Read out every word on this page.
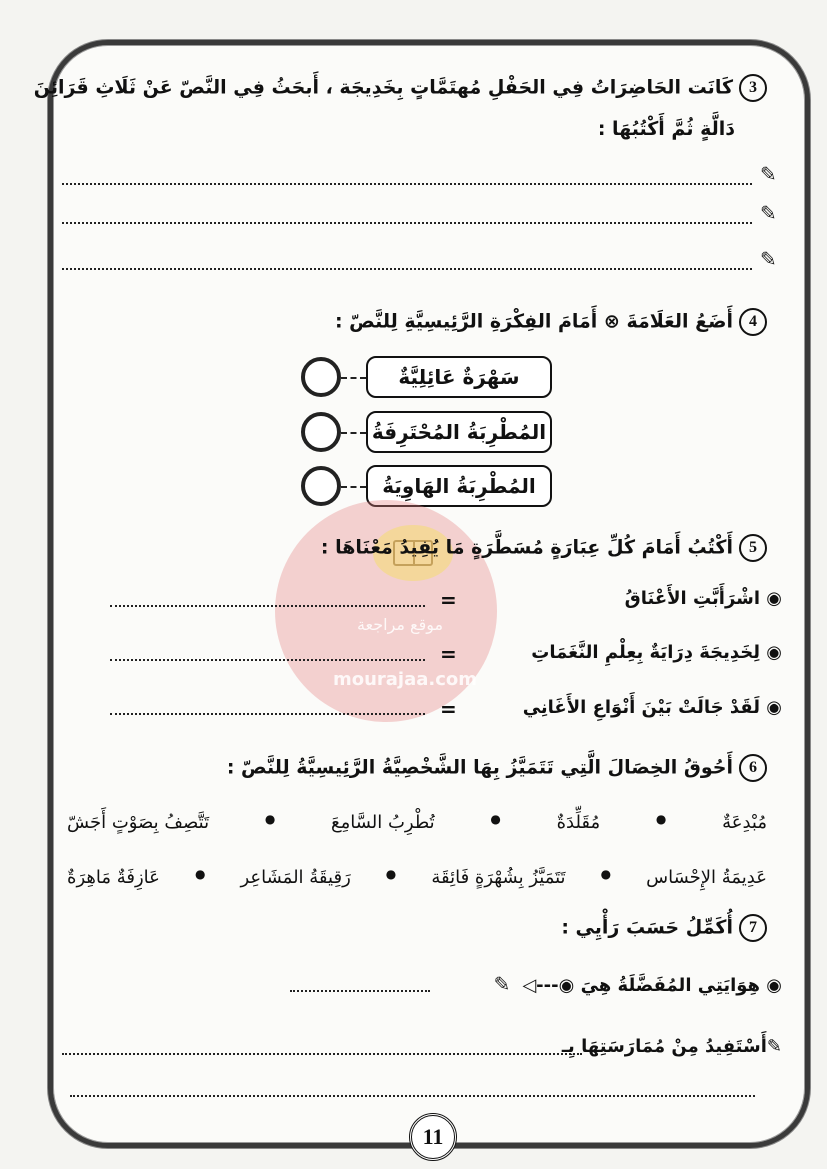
3كَانَت الحَاضِرَاتُ فِي الحَفْلِ مُهتَمَّاتٍ بِخَدِيجَة ، أَبحَثُ فِي النَّصّ عَنْ ثَلَاثِ قَرَائِنَ
دَالَّةٍ ثُمَّ أَكْتُبُهَا :
✎
✎
✎
4أَضَعُ العَلَامَةَ ⊗ أَمَامَ الفِكْرَةِ الرَّئِيسِيَّةِ لِلنَّصّ :
سَهْرَةٌ عَائِلِيَّةٌ
المُطْرِبَةُ المُحْتَرِفَةُ
المُطْرِبَةُ الهَاوِيَةُ
موقع مراجعة
mourajaa.com
5أَكْتُبُ أَمَامَ كُلِّ عِبَارَةٍ مُسَطَّرَةٍ مَا يُفِيدُ مَعْنَاهَا :
◉ اشْرَأَبَّتِ الأَعْنَاقُ
=
◉ لِخَدِيجَةَ دِرَايَةٌ بِعِلْمِ النَّغَمَاتِ
=
◉ لَقَدْ جَالَتْ بَيْنَ أَنْوَاعِ الأَغَانِي
=
6أَحُوقُ الخِصَالَ الَّتِي تَتَمَيَّزُ بِهَا الشَّخْصِيَّةُ الرَّئِيسِيَّةُ لِلنَّصّ :
مُبْدِعَةٌ
●
مُقَلِّدَةٌ
●
تُطْرِبُ السَّامِعَ
●
تَتَّصِفُ بِصَوْتٍ أَجَشّ
عَدِيمَةُ الإِحْسَاس
●
تَتَمَيَّزُ بِشُهْرَةٍ فَائِقَة
●
رَقِيقَةُ المَشَاعِر
●
عَازِفَةٌ مَاهِرَةٌ
7أُكَمِّلُ حَسَبَ رَأْيِي :
◉ هِوَايَتِي المُفَضَّلَةُ هِيَ ◉---◁✎
✎أَسْتَفِيدُ مِنْ مُمَارَسَتِهَا بِـ
11
